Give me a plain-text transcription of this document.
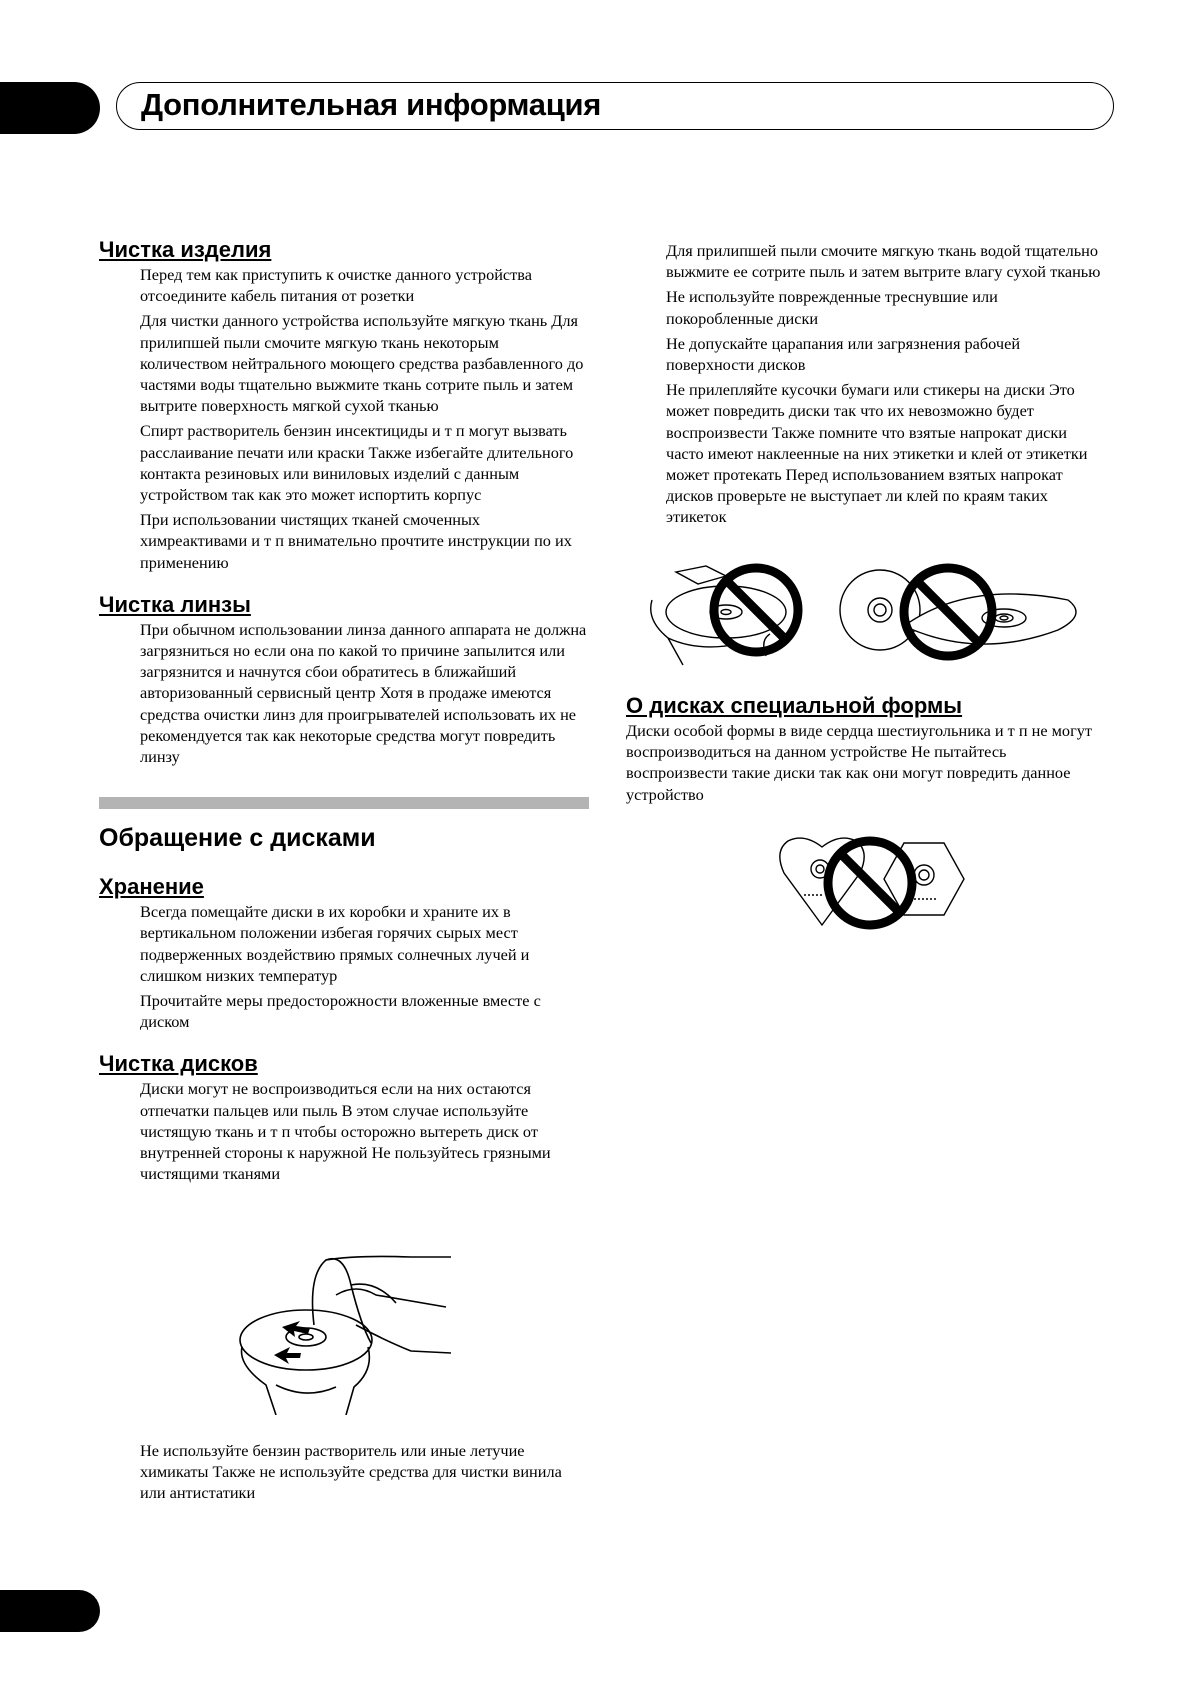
Дополнительная информация
Чистка изделия

Перед тем как приступить к очистке данного устройства отсоедините кабель питания от розетки

Для чистки данного устройства используйте мягкую ткань Для прилипшей пыли смочите мягкую ткань некоторым количеством нейтрального моющего средства разбавленного до частями воды тщательно выжмите ткань сотрите пыль и затем вытрите поверхность мягкой сухой тканью

Спирт растворитель бензин инсектициды и т п могут вызвать расслаивание печати или краски Также избегайте длительного контакта резиновых или виниловых изделий с данным устройством так как это может испортить корпус

При использовании чистящих тканей смоченных химреактивами и т п внимательно прочтите инструкции по их применению

Чистка линзы

При обычном использовании линза данного аппарата не должна загрязниться но если она по какой то причине запылится или загрязнится и начнутся сбои обратитесь в ближайший авторизованный сервисный центр Хотя в продаже имеются средства очистки линз для проигрывателей использовать их не рекомендуется так как некоторые средства могут повредить линзу

Обращение с дисками
Хранение

Всегда помещайте диски в их коробки и храните их в вертикальном положении избегая горячих сырых мест подверженных воздействию прямых солнечных лучей и слишком низких температур

Прочитайте меры предосторожности вложенные вместе с диском

Чистка дисков

Диски могут не воспроизводиться если на них остаются отпечатки пальцев или пыль В этом случае используйте чистящую ткань и т п чтобы осторожно вытереть диск от внутренней стороны к наружной Не пользуйтесь грязными чистящими тканями

Не используйте бензин растворитель или иные летучие химикаты Также не используйте средства для чистки винила или антистатики

Для прилипшей пыли смочите мягкую ткань водой тщательно выжмите ее сотрите пыль и затем вытрите влагу сухой тканью

Не используйте поврежденные треснувшие или покоробленные диски

Не допускайте царапания или загрязнения рабочей поверхности дисков

Не прилепляйте кусочки бумаги или стикеры на диски Это может повредить диски так что их невозможно будет воспроизвести Также помните что взятые напрокат диски часто имеют наклеенные на них этикетки и клей от этикетки может протекать Перед использованием взятых напрокат дисков проверьте не выступает ли клей по краям таких этикеток

О дисках специальной формы

Диски особой формы в виде сердца шестиугольника и т п не могут воспроизводиться на данном устройстве Не пытайтесь воспроизвести такие диски так как они могут повредить данное устройство
